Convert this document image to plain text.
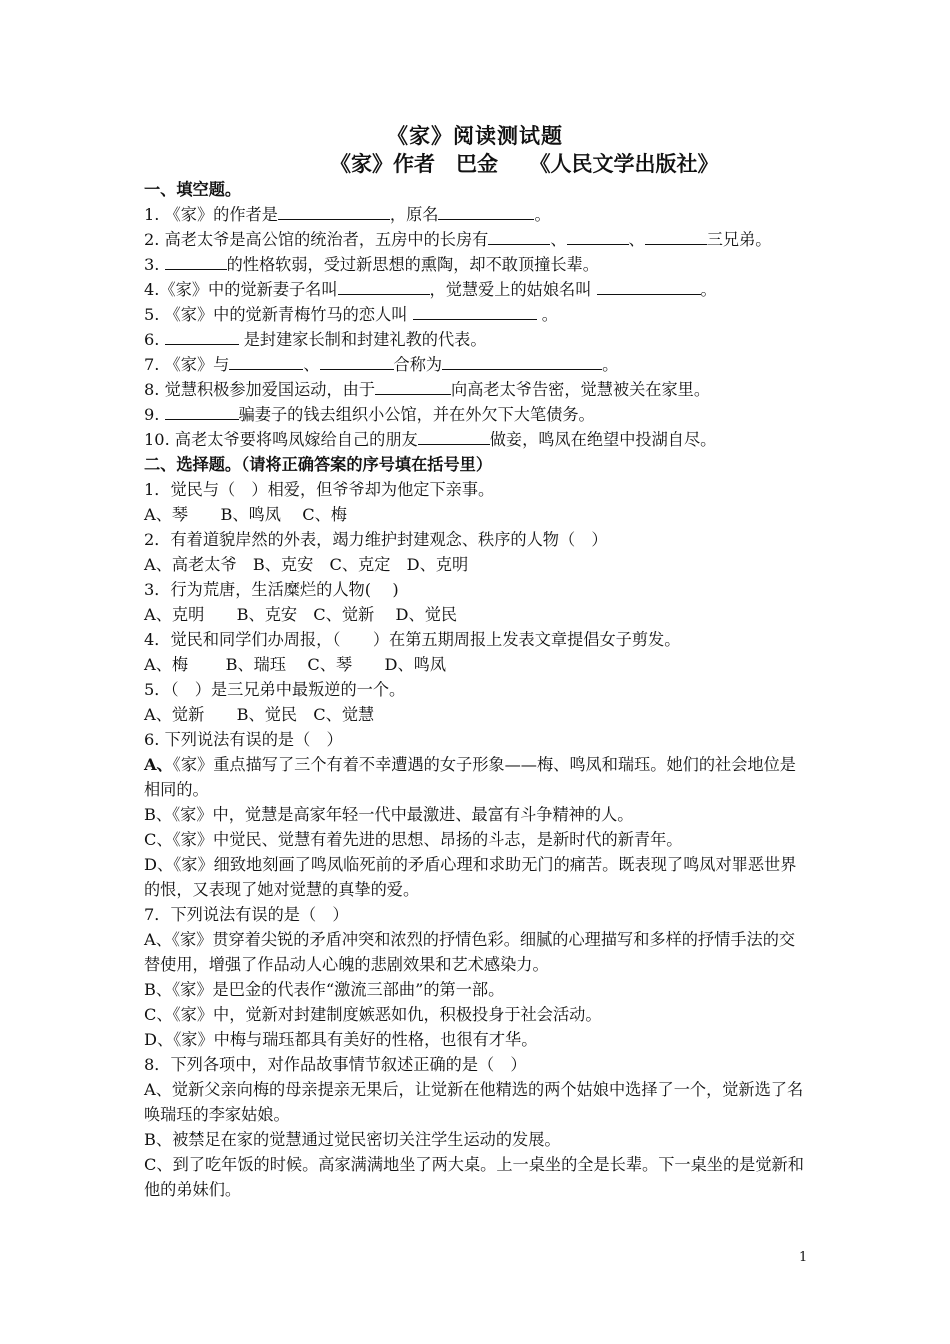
《家》阅读测试题
《家》作者　巴金　　《人民文学出版社》

一、填空题。

1. 《家》的作者是	，原名	。

2. 高老太爷是高公馆的统治者，五房中的长房有	、	、	三兄弟。

3.	的性格软弱，受过新思想的熏陶，却不敢顶撞长辈。

4.《家》中的觉新妻子名叫	，觉慧爱上的姑娘名叫	。

5. 《家》中的觉新青梅竹马的恋人叫	。

6.	是封建家长制和封建礼教的代表。

7. 《家》与	、	合称为	。

8. 觉慧积极参加爱国运动，由于	向高老太爷告密，觉慧被关在家里。

9.	骗妻子的钱去组织小公馆，并在外欠下大笔债务。

10. 高老太爷要将鸣凤嫁给自己的朋友	做妾，鸣凤在绝望中投湖自尽。

二、选择题。（请将正确答案的序号填在括号里）

1．觉民与（　）相爱，但爷爷却为他定下亲事。

A、琴　　B、鸣凤　 C、梅

2．有着道貌岸然的外表，竭力维护封建观念、秩序的人物（　）

A、高老太爷　B、克安　C、克定　D、克明

3．行为荒唐，生活糜烂的人物(　 )

A、克明　　B、克安　C、觉新　 D、觉民

4．觉民和同学们办周报，（　　）在第五期周报上发表文章提倡女子剪发。

A、梅　　 B、瑞珏　 C、琴　　D、鸣凤

5．（　）是三兄弟中最叛逆的一个。

A、觉新　　B、觉民　C、觉慧

6. 下列说法有误的是（　）

A、《家》重点描写了三个有着不幸遭遇的女子形象——梅、鸣凤和瑞珏。她们的社会地位是相同的。

B、《家》中，觉慧是高家年轻一代中最激进、最富有斗争精神的人。

C、《家》中觉民、觉慧有着先进的思想、昂扬的斗志，是新时代的新青年。

D、《家》细致地刻画了鸣凤临死前的矛盾心理和求助无门的痛苦。既表现了鸣凤对罪恶世界的恨，又表现了她对觉慧的真挚的爱。

7．下列说法有误的是（　）

A、《家》贯穿着尖锐的矛盾冲突和浓烈的抒情色彩。细腻的心理描写和多样的抒情手法的交替使用，增强了作品动人心魄的悲剧效果和艺术感染力。

B、《家》是巴金的代表作“激流三部曲”的第一部。

C、《家》中，觉新对封建制度嫉恶如仇，积极投身于社会活动。

D、《家》中梅与瑞珏都具有美好的性格，也很有才华。

8．下列各项中，对作品故事情节叙述正确的是（　）

A、觉新父亲向梅的母亲提亲无果后，让觉新在他精选的两个姑娘中选择了一个，觉新选了名唤瑞珏的李家姑娘。

B、被禁足在家的觉慧通过觉民密切关注学生运动的发展。

C、到了吃年饭的时候。高家满满地坐了两大桌。上一桌坐的全是长辈。下一桌坐的是觉新和他的弟妹们。

1
